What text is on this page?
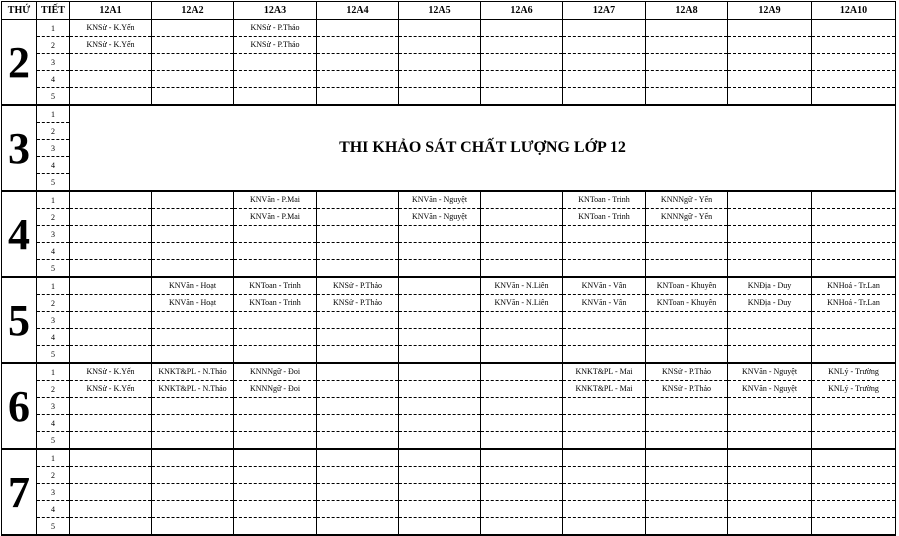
THỨ	TIẾT	12A1	12A2	12A3	12A4	12A5	12A6	12A7	12A8	12A9	12A10
2	1	KNSử - K.Yến		KNSử - P.Thảo							
	2	KNSử - K.Yến		KNSử - P.Thảo							
	3										
	4										
	5										
3	1	THI KHẢO SÁT CHẤT LƯỢNG LỚP 12									
	2										
	3										
	4										
	5										
4	1			KNVăn - P.Mai		KNVăn - Nguyệt		KNToan - Trinh	KNNNgữ - Yến		
	2			KNVăn - P.Mai		KNVăn - Nguyệt		KNToan - Trinh	KNNNgữ - Yến		
	3										
	4										
	5										
5	1		KNVăn - Hoạt	KNToan - Trinh	KNSử - P.Thảo		KNVăn - N.Liên	KNVăn - Vân	KNToan - Khuyên	KNĐịa - Duy	KNHoá - Tr.Lan
	2		KNVăn - Hoạt	KNToan - Trinh	KNSử - P.Thảo		KNVăn - N.Liên	KNVăn - Vân	KNToan - Khuyên	KNĐịa - Duy	KNHoá - Tr.Lan
	3										
	4										
	5										
6	1	KNSử - K.Yến	KNKT&PL - N.Thảo	KNNNgữ - Đoi				KNKT&PL - Mai	KNSử - P.Thảo	KNVăn - Nguyệt	KNLý - Trường
	2	KNSử - K.Yến	KNKT&PL - N.Thảo	KNNNgữ - Đoi				KNKT&PL - Mai	KNSử - P.Thảo	KNVăn - Nguyệt	KNLý - Trường
	3										
	4										
	5										
7	1										
	2										
	3										
	4										
	5										
